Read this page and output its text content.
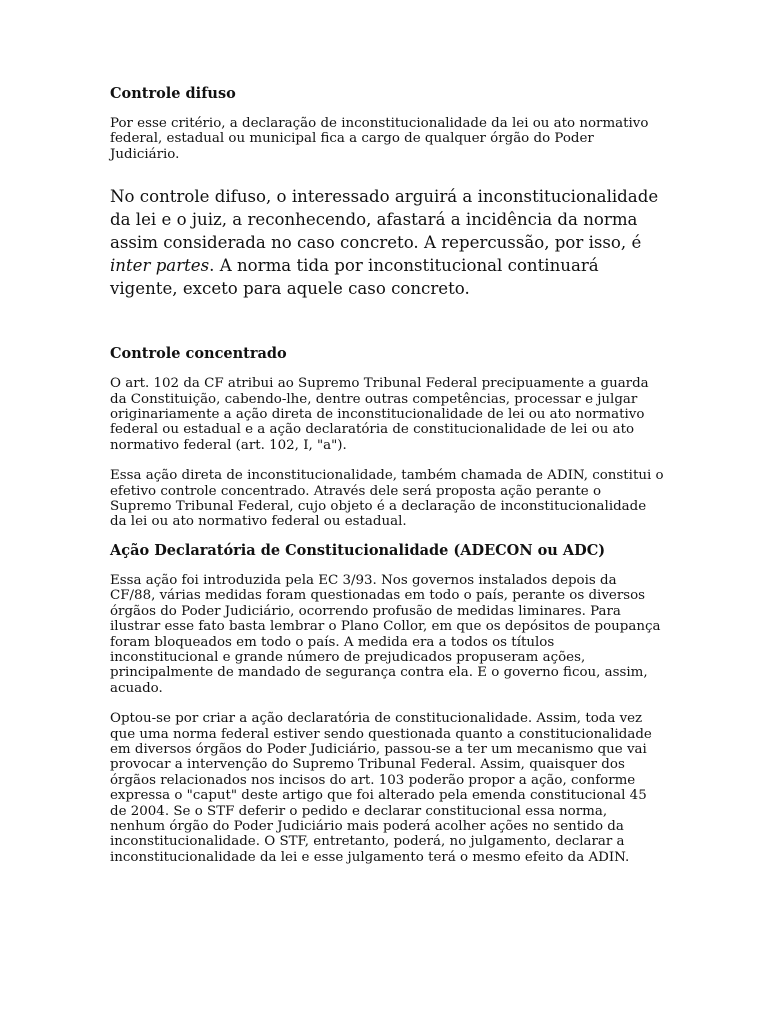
Controle difuso

Por esse critério, a declaração de inconstitucionalidade da lei ou ato normativo federal, estadual ou municipal fica a cargo de qualquer órgão do Poder Judiciário.

No controle difuso, o interessado arguirá a inconstitucionalidade da lei e o juiz, a reconhecendo, afastará a incidência da norma assim considerada no caso concreto. A repercussão, por isso, é inter partes. A norma tida por inconstitucional continuará vigente, exceto para aquele caso concreto.

Controle concentrado

O art. 102 da CF atribui ao Supremo Tribunal Federal precipuamente a guarda da Constituição, cabendo-lhe, dentre outras competências, processar e julgar originariamente a ação direta de inconstitucionalidade de lei ou ato normativo federal ou estadual e a ação declaratória de constitucionalidade de lei ou ato normativo federal (art. 102, I, "a").

Essa ação direta de inconstitucionalidade, também chamada de ADIN, constitui o efetivo controle concentrado. Através dele será proposta ação perante o Supremo Tribunal Federal, cujo objeto é a declaração de inconstitucionalidade da lei ou ato normativo federal ou estadual.

Ação Declaratória de Constitucionalidade (ADECON ou ADC)

Essa ação foi introduzida pela EC 3/93. Nos governos instalados depois da CF/88, várias medidas foram questionadas em todo o país, perante os diversos órgãos do Poder Judiciário, ocorrendo profusão de medidas liminares. Para ilustrar esse fato basta lembrar o Plano Collor, em que os depósitos de poupança foram bloqueados em todo o país. A medida era a todos os títulos inconstitucional e grande número de prejudicados propuseram ações, principalmente de mandado de segurança contra ela. E o governo ficou, assim, acuado.

Optou-se por criar a ação declaratória de constitucionalidade. Assim, toda vez que uma norma federal estiver sendo questionada quanto a constitucionalidade em diversos órgãos do Poder Judiciário, passou-se a ter um mecanismo que vai provocar a intervenção do Supremo Tribunal Federal. Assim, quaisquer dos órgãos relacionados nos incisos do art. 103 poderão propor a ação, conforme expressa o "caput" deste artigo que foi alterado pela emenda constitucional 45 de 2004. Se o STF deferir o pedido e declarar constitucional essa norma, nenhum órgão do Poder Judiciário mais poderá acolher ações no sentido da inconstitucionalidade. O STF, entretanto, poderá, no julgamento, declarar a inconstitucionalidade da lei e esse julgamento terá o mesmo efeito da ADIN.
